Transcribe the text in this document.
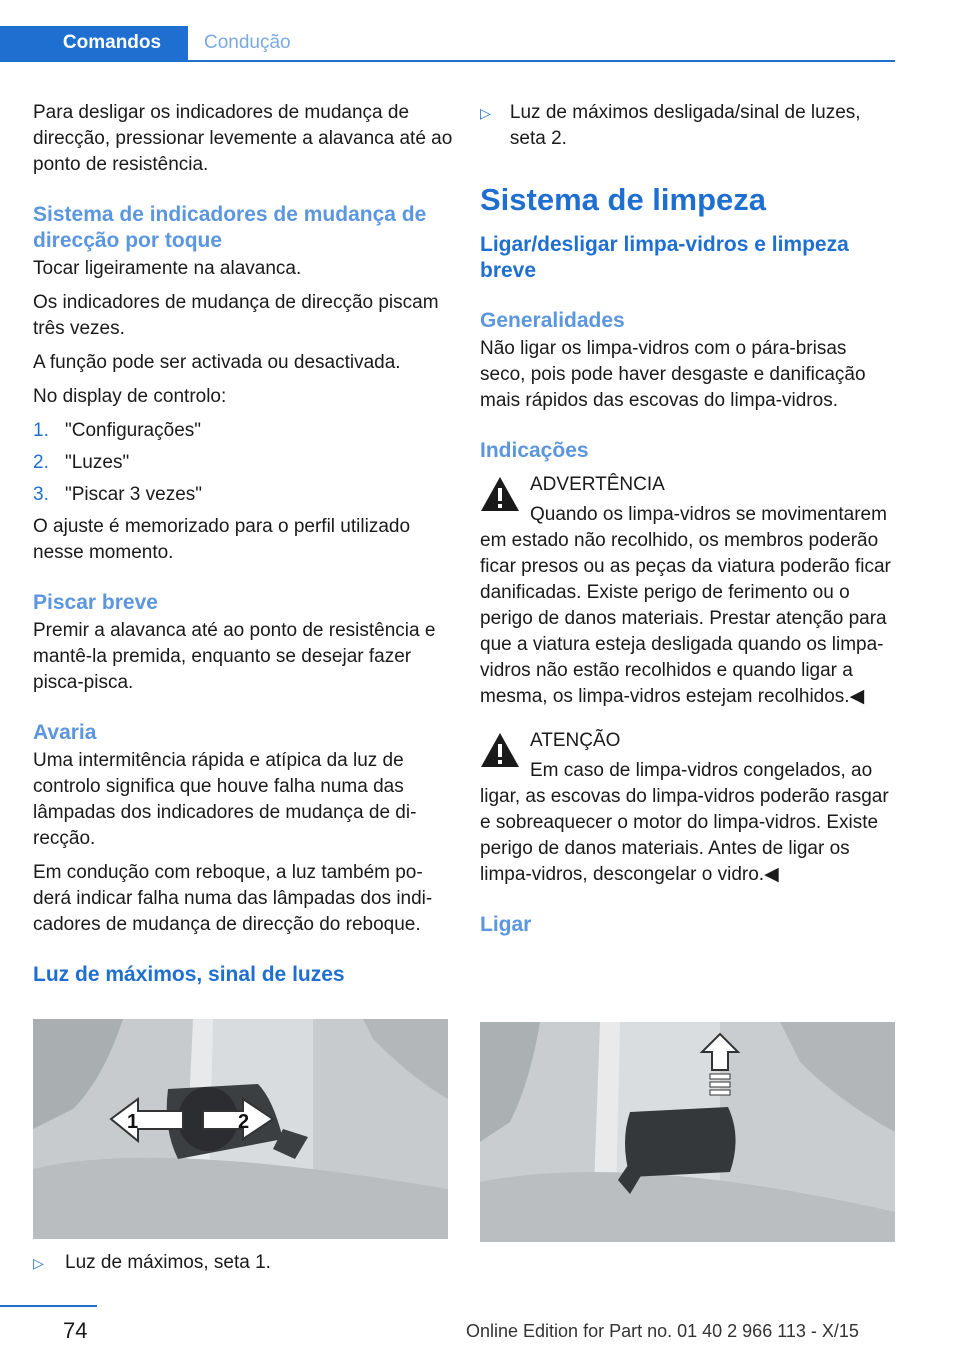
Comandos	Condução

Para desligar os indicadores de mudança de direcção, pressionar levemente a alavanca até ao ponto de resistência.

Sistema de indicadores de mudança de direcção por toque

Tocar ligeiramente na alavanca.

Os indicadores de mudança de direcção piscam três vezes.

A função pode ser activada ou desactivada.

No display de controlo:

1. "Configurações"
2. "Luzes"
3. "Piscar 3 vezes"

O ajuste é memorizado para o perfil utilizado nesse momento.

Piscar breve

Premir a alavanca até ao ponto de resistência e mantê-la premida, enquanto se desejar fazer pisca-pisca.

Avaria

Uma intermitência rápida e atípica da luz de controlo significa que houve falha numa das lâmpadas dos indicadores de mudança de direcção.

Em condução com reboque, a luz também poderá indicar falha numa das lâmpadas dos indicadores de mudança de direcção do reboque.

Luz de máximos, sinal de luzes
1	2
▷	Luz de máximos, seta 1.
▷	Luz de máximos desligada/sinal de luzes, seta 2.
Sistema de limpeza
Ligar/desligar limpa-vidros e limpeza breve
Generalidades

Não ligar os limpa-vidros com o pára-brisas seco, pois pode haver desgaste e danificação mais rápidos das escovas do limpa-vidros.

Indicações

ADVERTÊNCIA

Quando os limpa-vidros se movimentarem em estado não recolhido, os membros poderão ficar presos ou as peças da viatura poderão ficar danificadas. Existe perigo de ferimento ou o perigo de danos materiais. Prestar atenção para que a viatura esteja desligada quando os limpa-vidros não estão recolhidos e quando ligar a mesma, os limpa-vidros estejam recolhidos.◀

ATENÇÃO

Em caso de limpa-vidros congelados, ao ligar, as escovas do limpa-vidros poderão rasgar e sobreaquecer o motor do limpa-vidros. Existe perigo de danos materiais. Antes de ligar os limpa-vidros, descongelar o vidro.◀

Ligar
74	Online Edition for Part no. 01 40 2 966 113 - X/15
